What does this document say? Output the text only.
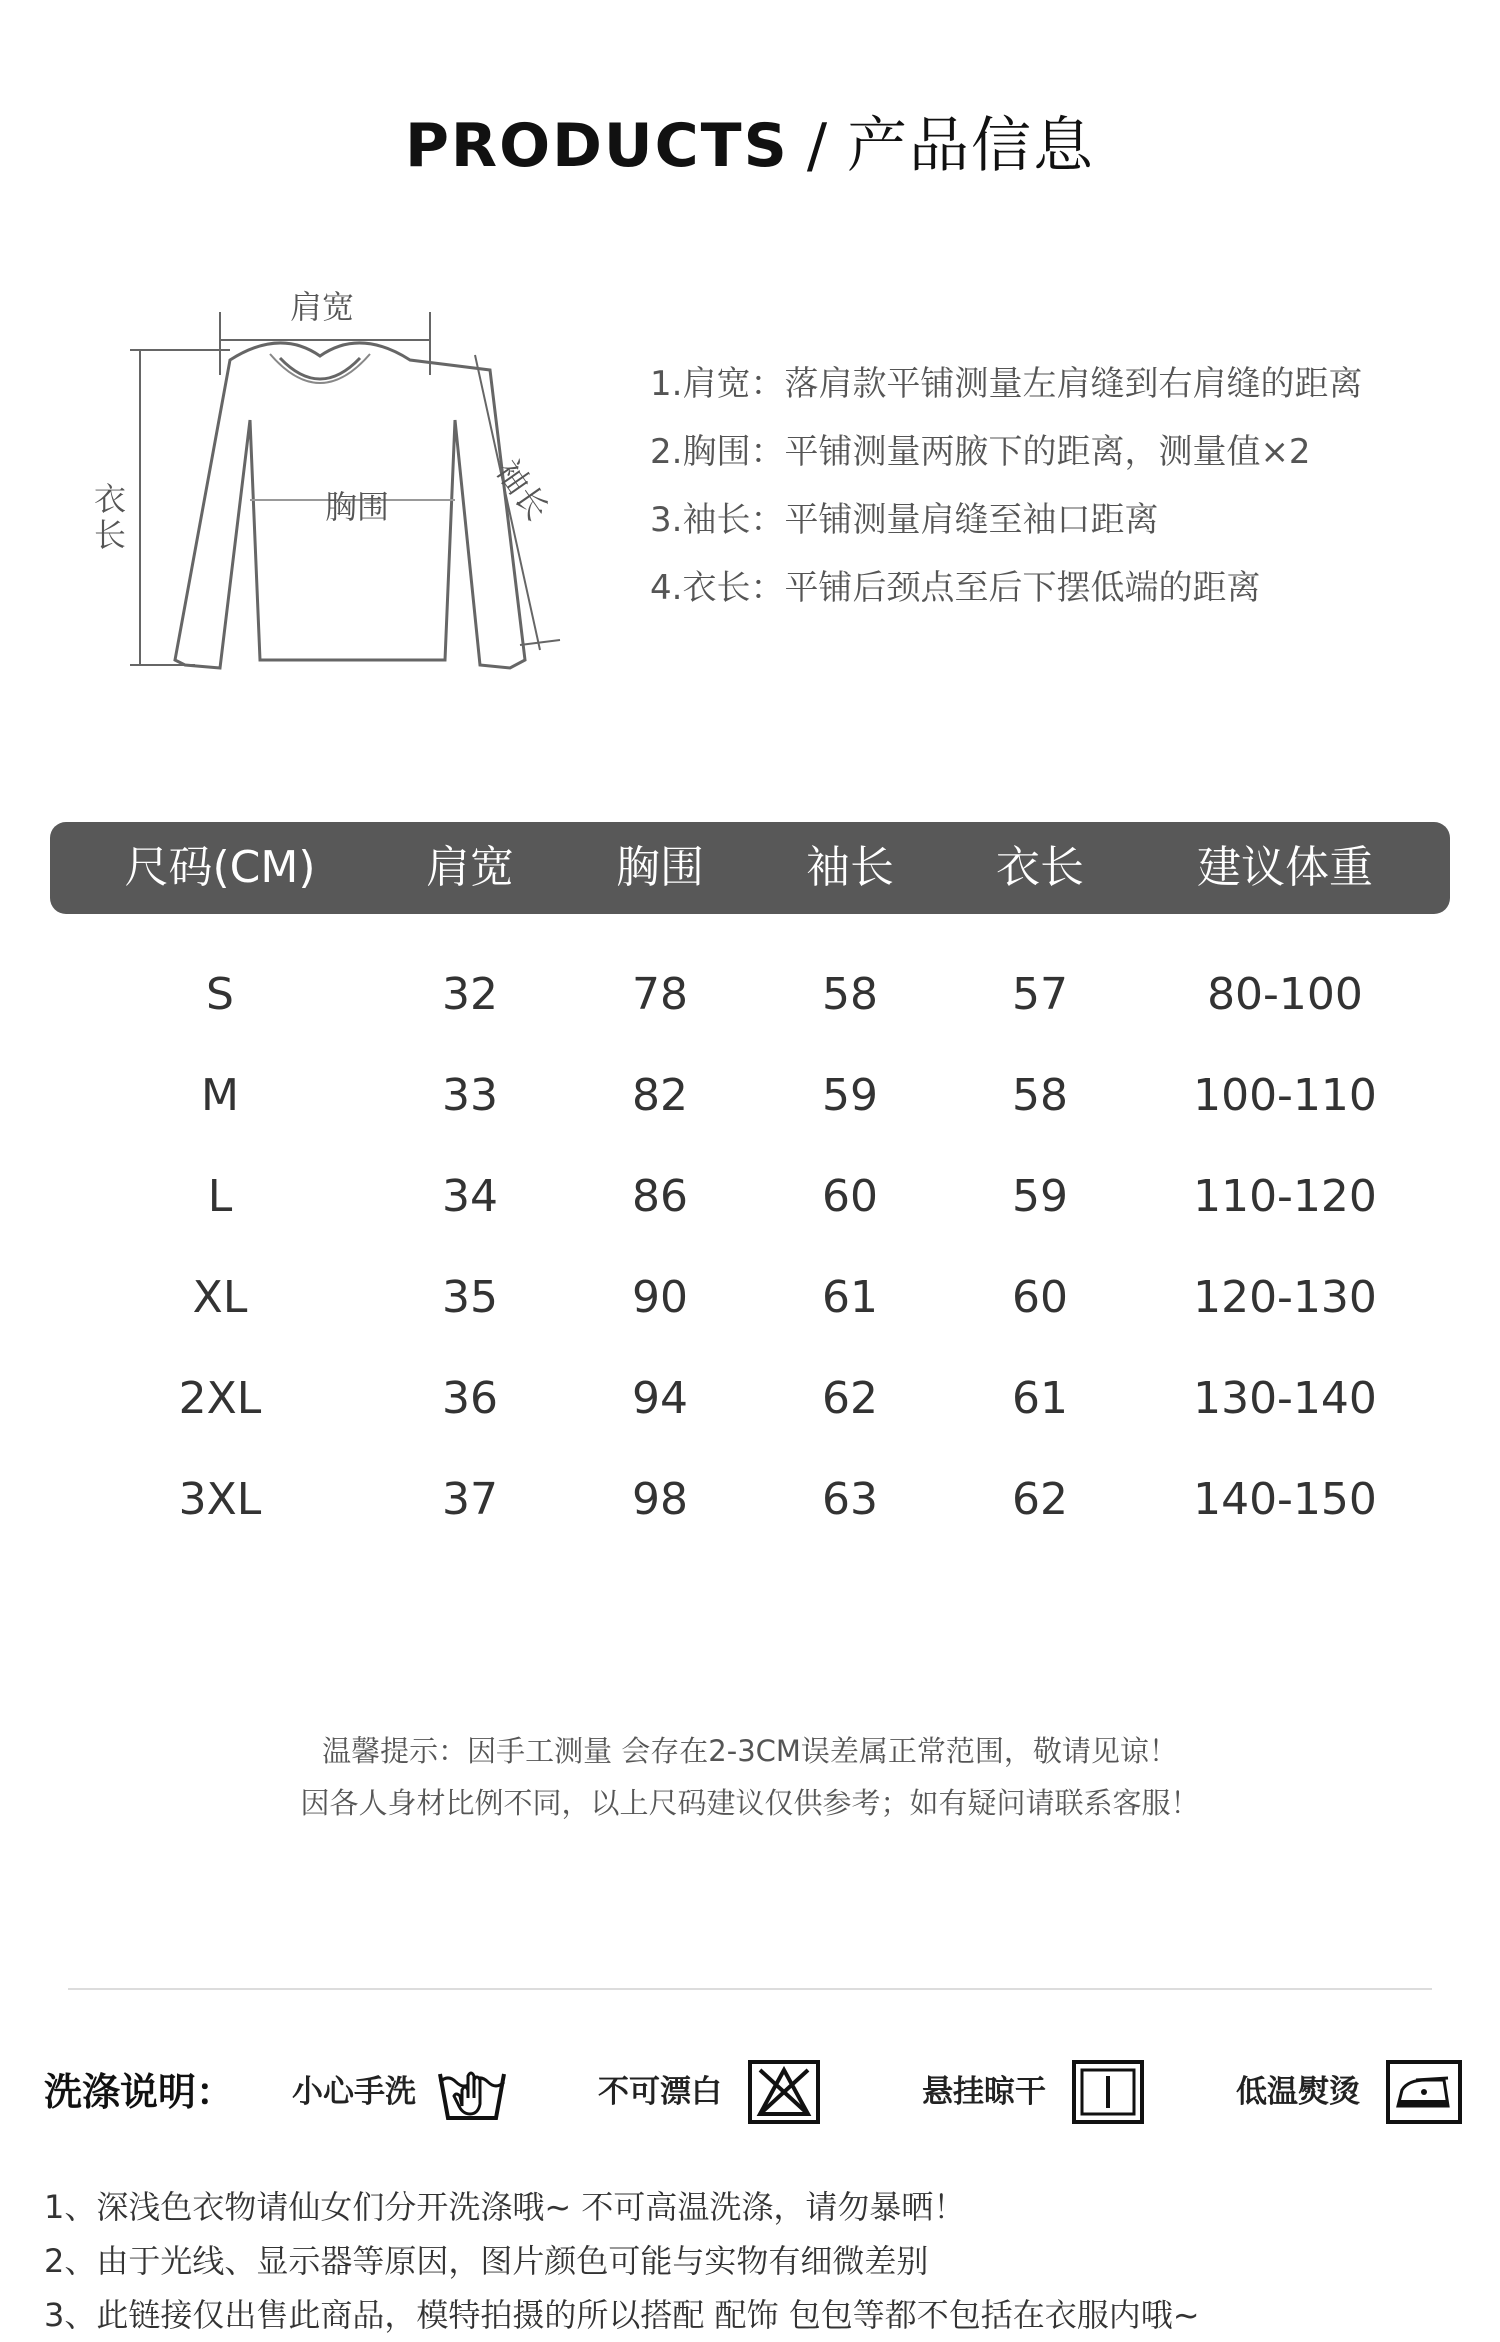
PRODUCTS / 产品信息
肩宽
胸围	袖长
衣
长
1.肩宽：落肩款平铺测量左肩缝到右肩缝的距离
2.胸围：平铺测量两腋下的距离，测量值×2
3.袖长：平铺测量肩缝至袖口距离
4.衣长：平铺后颈点至后下摆低端的距离
尺码(CM)	肩宽	胸围	袖长	衣长	建议体重
S	32	78	58	57	80-100
M	33	82	59	58	100-110
L	34	86	60	59	110-120
XL	35	90	61	60	120-130
2XL	36	94	62	61	130-140
3XL	37	98	63	62	140-150
温馨提示：因手工测量 会存在2-3CM误差属正常范围，敬请见谅！
因各人身材比例不同，以上尺码建议仅供参考；如有疑问请联系客服！
洗涤说明： 小心手洗	不可漂白	悬挂晾干	低温熨烫
1、深浅色衣物请仙女们分开洗涤哦~ 不可高温洗涤，请勿暴晒！
2、由于光线、显示器等原因，图片颜色可能与实物有细微差别
3、此链接仅出售此商品，模特拍摄的所以搭配 配饰 包包等都不包括在衣服内哦~
